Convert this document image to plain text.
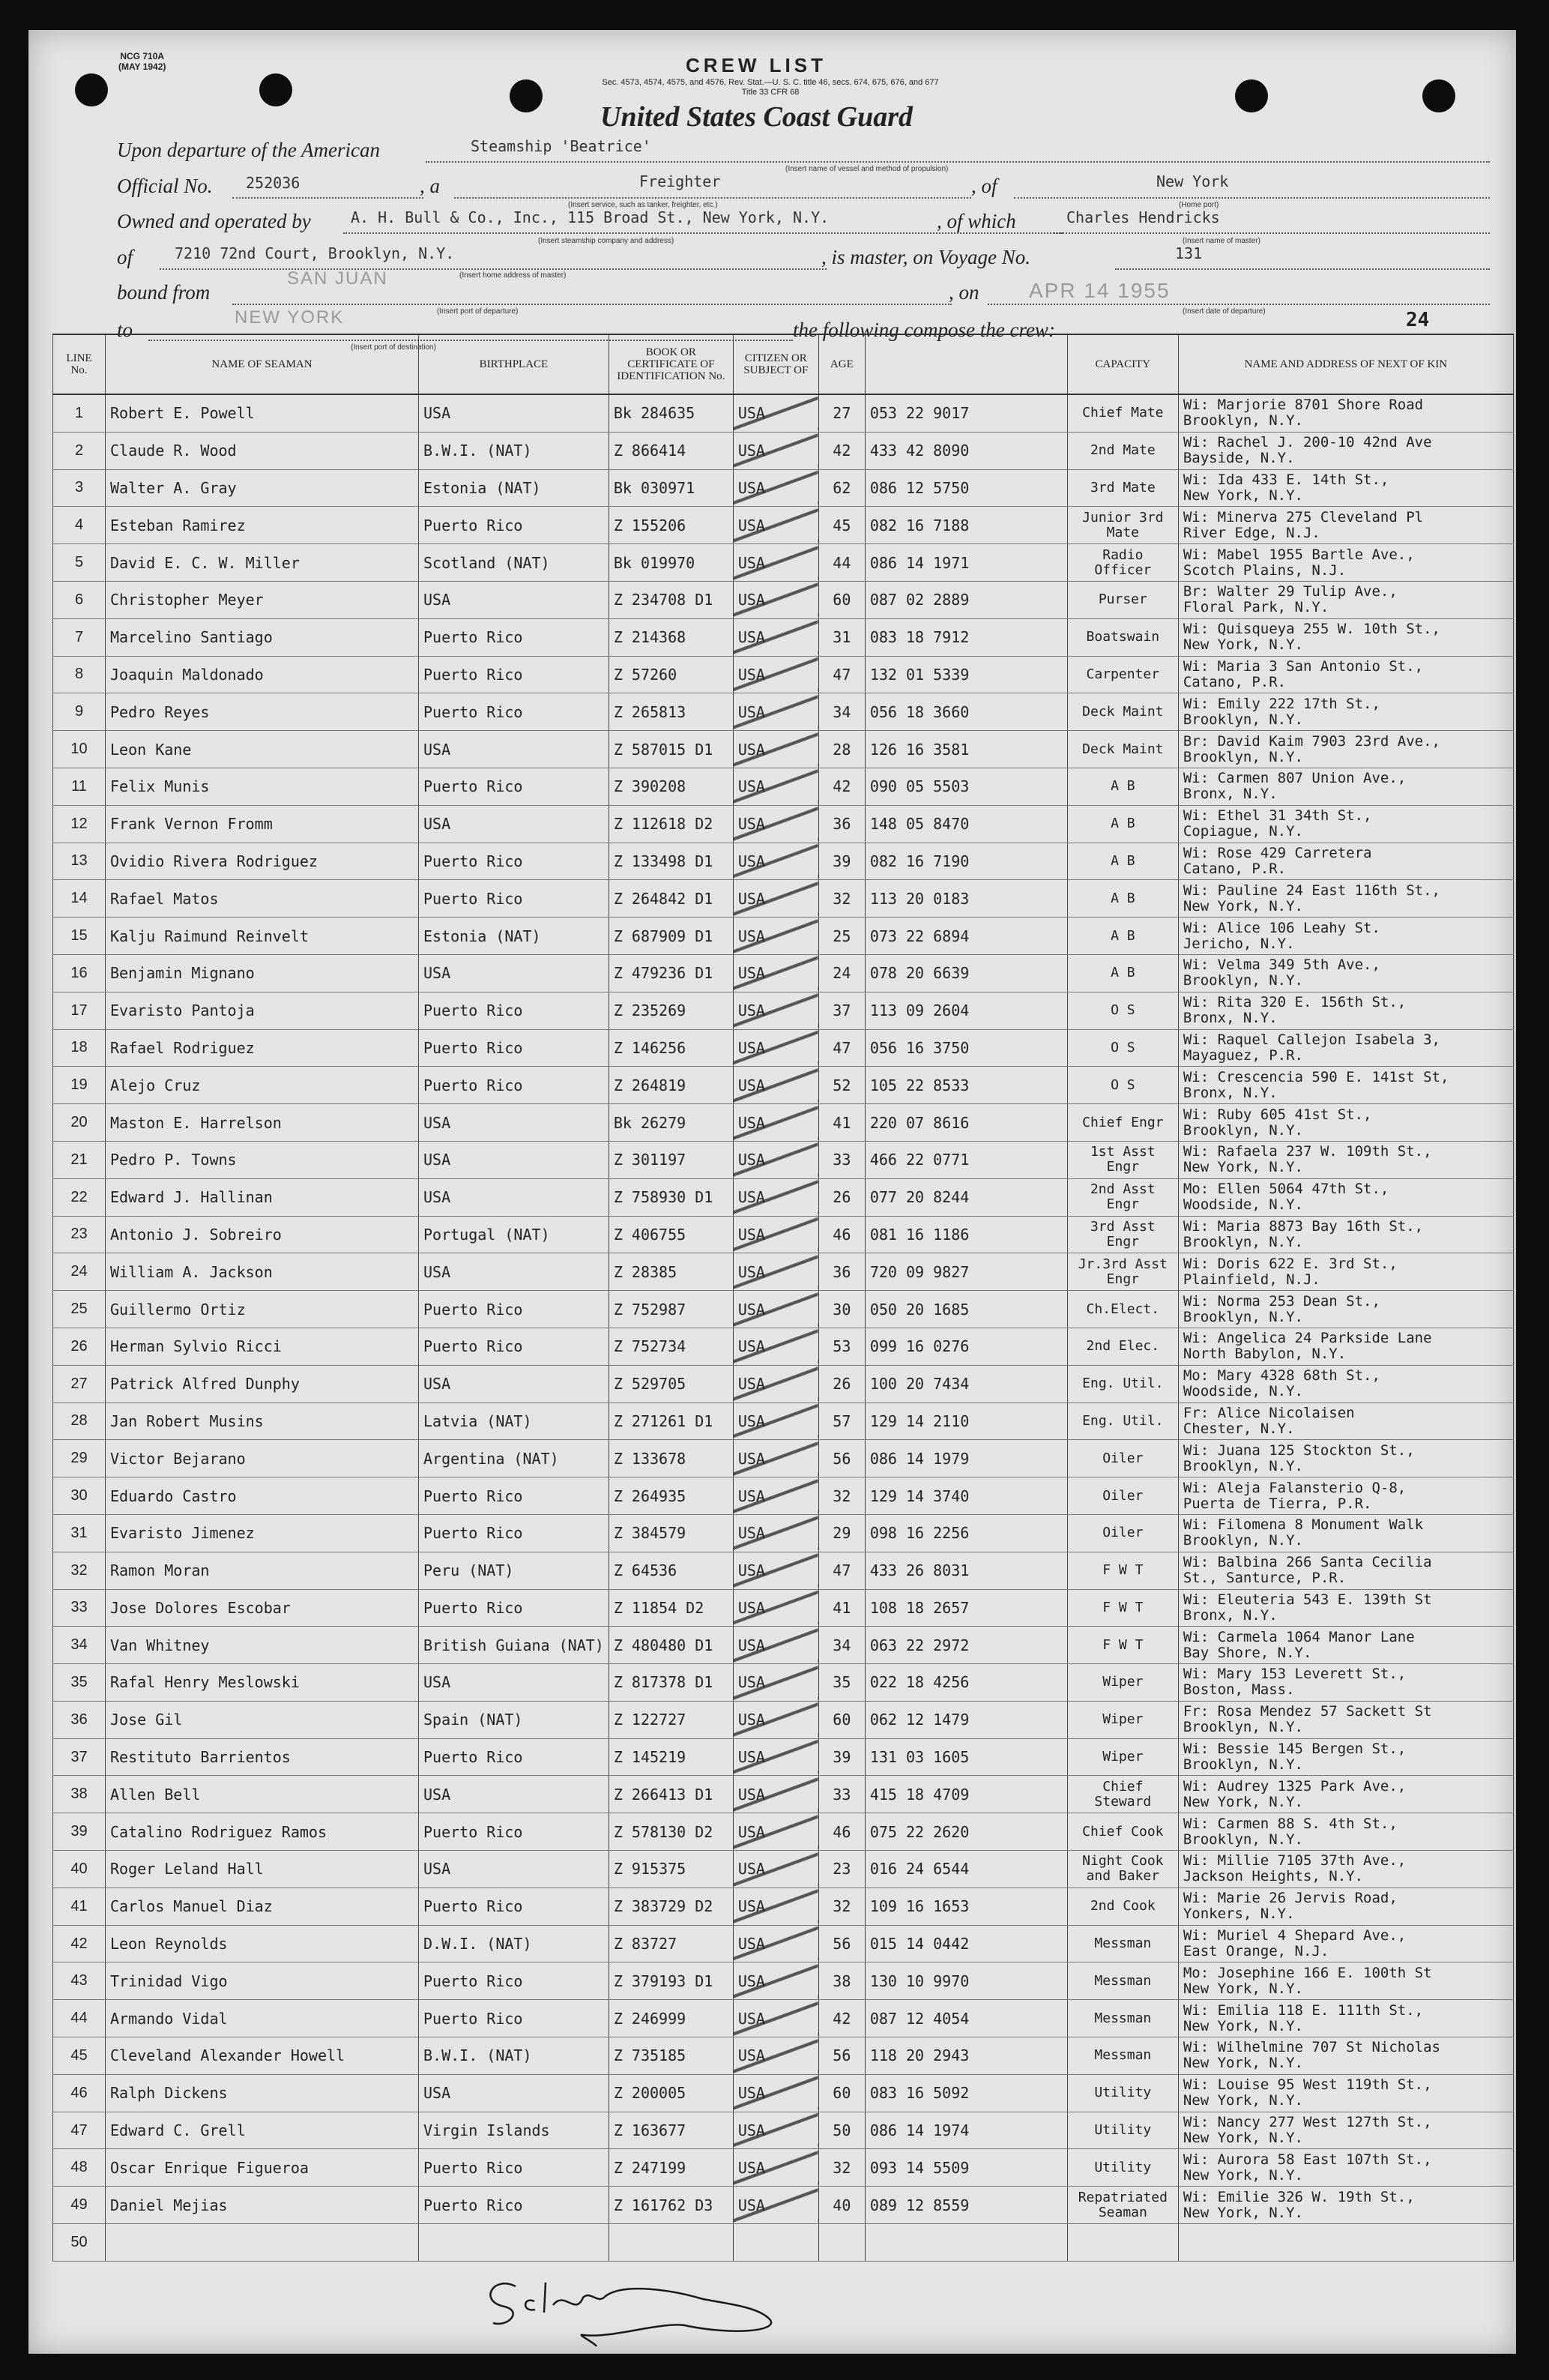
NCG 710A
(MAY 1942)	CREW LIST
Sec. 4573, 4574, 4575, and 4576, Rev. Stat.—U. S. C. title 46, secs. 674, 675, 676, and 677
Title 33 CFR 68
United States Coast Guard
Upon departure of the American	Steamship 'Beatrice'
(Insert name of vessel and method of propulsion)
Official No. 252036	, a	Freighter
(Insert service, such as tanker, freighter, etc.)
, of	New York
(Home port)
Owned and operated by	A. H. Bull & Co., Inc., 115 Broad St., New York, N.Y.
(Insert steamship company and address)
, of which	Charles Hendricks
(Insert name of master)
of	7210 72nd Court, Brooklyn, N.Y.
(Insert home address of master)
, is master, on Voyage No.	131
bound from
SAN JUAN
(Insert port of departure)
, on APR 14 1955
(Insert date of departure)
to
NEW YORK
(Insert port of destination)
the following compose the crew:	24
LINE No.	NAME OF SEAMAN	BIRTHPLACE	BOOK OR CERTIFICATE OF IDENTIFICATION No.	CITIZEN OR SUBJECT OF	AGE		CAPACITY	NAME AND ADDRESS OF NEXT OF KIN
1	Robert E. Powell	USA	Bk 284635	USA	27	053 22 9017	Chief Mate	Wi: Marjorie 8701 Shore Road
Brooklyn, N.Y.

2	Claude R. Wood	B.W.I. (NAT)	Z 866414	USA	42	433 42 8090	2nd Mate	Wi: Rachel J. 200-10 42nd Ave
Bayside, N.Y.

3	Walter A. Gray	Estonia (NAT)	Bk 030971	USA	62	086 12 5750	3rd Mate	Wi: Ida 433 E. 14th St.,
New York, N.Y.

4	Esteban Ramirez	Puerto Rico	Z 155206	USA	45	082 16 7188	Junior 3rd Mate	Wi: Minerva 275 Cleveland Pl
River Edge, N.J.

5	David E. C. W. Miller	Scotland (NAT)	Bk 019970	USA	44	086 14 1971	Radio Officer	Wi: Mabel 1955 Bartle Ave.,
Scotch Plains, N.J.

6	Christopher Meyer	USA	Z 234708 D1	USA	60	087 02 2889	Purser	Br: Walter 29 Tulip Ave.,
Floral Park, N.Y.

7	Marcelino Santiago	Puerto Rico	Z 214368	USA	31	083 18 7912	Boatswain	Wi: Quisqueya 255 W. 10th St.,
New York, N.Y.

8	Joaquin Maldonado	Puerto Rico	Z 57260	USA	47	132 01 5339	Carpenter	Wi: Maria 3 San Antonio St.,
Catano, P.R.

9	Pedro Reyes	Puerto Rico	Z 265813	USA	34	056 18 3660	Deck Maint	Wi: Emily 222 17th St.,
Brooklyn, N.Y.

10	Leon Kane	USA	Z 587015 D1	USA	28	126 16 3581	Deck Maint	Br: David Kaim 7903 23rd Ave.,
Brooklyn, N.Y.

11	Felix Munis	Puerto Rico	Z 390208	USA	42	090 05 5503	A B	Wi: Carmen 807 Union Ave.,
Bronx, N.Y.

12	Frank Vernon Fromm	USA	Z 112618 D2	USA	36	148 05 8470	A B	Wi: Ethel 31 34th St.,
Copiague, N.Y.

13	Ovidio Rivera Rodriguez	Puerto Rico	Z 133498 D1	USA	39	082 16 7190	A B	Wi: Rose 429 Carretera
Catano, P.R.

14	Rafael Matos	Puerto Rico	Z 264842 D1	USA	32	113 20 0183	A B	Wi: Pauline 24 East 116th St.,
New York, N.Y.

15	Kalju Raimund Reinvelt	Estonia (NAT)	Z 687909 D1	USA	25	073 22 6894	A B	Wi: Alice 106 Leahy St.
Jericho, N.Y.

16	Benjamin Mignano	USA	Z 479236 D1	USA	24	078 20 6639	A B	Wi: Velma 349 5th Ave.,
Brooklyn, N.Y.

17	Evaristo Pantoja	Puerto Rico	Z 235269	USA	37	113 09 2604	O S	Wi: Rita 320 E. 156th St.,
Bronx, N.Y.

18	Rafael Rodriguez	Puerto Rico	Z 146256	USA	47	056 16 3750	O S	Wi: Raquel Callejon Isabela 3,
Mayaguez, P.R.

19	Alejo Cruz	Puerto Rico	Z 264819	USA	52	105 22 8533	O S	Wi: Crescencia 590 E. 141st St,
Bronx, N.Y.

20	Maston E. Harrelson	USA	Bk 26279	USA	41	220 07 8616	Chief Engr	Wi: Ruby 605 41st St.,
Brooklyn, N.Y.

21	Pedro P. Towns	USA	Z 301197	USA	33	466 22 0771	1st Asst Engr	Wi: Rafaela 237 W. 109th St.,
New York, N.Y.

22	Edward J. Hallinan	USA	Z 758930 D1	USA	26	077 20 8244	2nd Asst Engr	Mo: Ellen 5064 47th St.,
Woodside, N.Y.

23	Antonio J. Sobreiro	Portugal (NAT)	Z 406755	USA	46	081 16 1186	3rd Asst Engr	Wi: Maria 8873 Bay 16th St.,
Brooklyn, N.Y.

24	William A. Jackson	USA	Z 28385	USA	36	720 09 9827	Jr.3rd Asst Engr	Wi: Doris 622 E. 3rd St.,
Plainfield, N.J.

25	Guillermo Ortiz	Puerto Rico	Z 752987	USA	30	050 20 1685	Ch.Elect.	Wi: Norma 253 Dean St.,
Brooklyn, N.Y.

26	Herman Sylvio Ricci	Puerto Rico	Z 752734	USA	53	099 16 0276	2nd Elec.	Wi: Angelica 24 Parkside Lane
North Babylon, N.Y.

27	Patrick Alfred Dunphy	USA	Z 529705	USA	26	100 20 7434	Eng. Util.	Mo: Mary 4328 68th St.,
Woodside, N.Y.

28	Jan Robert Musins	Latvia (NAT)	Z 271261 D1	USA	57	129 14 2110	Eng. Util.	Fr: Alice Nicolaisen
Chester, N.Y.

29	Victor Bejarano	Argentina (NAT)	Z 133678	USA	56	086 14 1979	Oiler	Wi: Juana 125 Stockton St.,
Brooklyn, N.Y.

30	Eduardo Castro	Puerto Rico	Z 264935	USA	32	129 14 3740	Oiler	Wi: Aleja Falansterio Q-8,
Puerta de Tierra, P.R.

31	Evaristo Jimenez	Puerto Rico	Z 384579	USA	29	098 16 2256	Oiler	Wi: Filomena 8 Monument Walk
Brooklyn, N.Y.

32	Ramon Moran	Peru (NAT)	Z 64536	USA	47	433 26 8031	F W T	Wi: Balbina 266 Santa Cecilia
St., Santurce, P.R.

33	Jose Dolores Escobar	Puerto Rico	Z 11854 D2	USA	41	108 18 2657	F W T	Wi: Eleuteria 543 E. 139th St
Bronx, N.Y.

34	Van Whitney	British Guiana (NAT)	Z 480480 D1	USA	34	063 22 2972	F W T	Wi: Carmela 1064 Manor Lane
Bay Shore, N.Y.

35	Rafal Henry Meslowski	USA	Z 817378 D1	USA	35	022 18 4256	Wiper	Wi: Mary 153 Leverett St.,
Boston, Mass.

36	Jose Gil	Spain (NAT)	Z 122727	USA	60	062 12 1479	Wiper	Fr: Rosa Mendez 57 Sackett St
Brooklyn, N.Y.

37	Restituto Barrientos	Puerto Rico	Z 145219	USA	39	131 03 1605	Wiper	Wi: Bessie 145 Bergen St.,
Brooklyn, N.Y.

38	Allen Bell	USA	Z 266413 D1	USA	33	415 18 4709	Chief Steward	Wi: Audrey 1325 Park Ave.,
New York, N.Y.

39	Catalino Rodriguez Ramos	Puerto Rico	Z 578130 D2	USA	46	075 22 2620	Chief Cook	Wi: Carmen 88 S. 4th St.,
Brooklyn, N.Y.

40	Roger Leland Hall	USA	Z 915375	USA	23	016 24 6544	Night Cook and Baker	Wi: Millie 7105 37th Ave.,
Jackson Heights, N.Y.

41	Carlos Manuel Diaz	Puerto Rico	Z 383729 D2	USA	32	109 16 1653	2nd Cook	Wi: Marie 26 Jervis Road,
Yonkers, N.Y.

42	Leon Reynolds	D.W.I. (NAT)	Z 83727	USA	56	015 14 0442	Messman	Wi: Muriel 4 Shepard Ave.,
East Orange, N.J.

43	Trinidad Vigo	Puerto Rico	Z 379193 D1	USA	38	130 10 9970	Messman	Mo: Josephine 166 E. 100th St
New York, N.Y.

44	Armando Vidal	Puerto Rico	Z 246999	USA	42	087 12 4054	Messman	Wi: Emilia 118 E. 111th St.,
New York, N.Y.

45	Cleveland Alexander Howell	B.W.I. (NAT)	Z 735185	USA	56	118 20 2943	Messman	Wi: Wilhelmine 707 St Nicholas
New York, N.Y.

46	Ralph Dickens	USA	Z 200005	USA	60	083 16 5092	Utility	Wi: Louise 95 West 119th St.,
New York, N.Y.

47	Edward C. Grell	Virgin Islands	Z 163677	USA	50	086 14 1974	Utility	Wi: Nancy 277 West 127th St.,
New York, N.Y.

48	Oscar Enrique Figueroa	Puerto Rico	Z 247199	USA	32	093 14 5509	Utility	Wi: Aurora 58 East 107th St.,
New York, N.Y.

49	Daniel Mejias	Puerto Rico	Z 161762 D3	USA	40	089 12 8559	Repatriated Seaman	Wi: Emilie 326 W. 19th St.,
New York, N.Y.

50								
